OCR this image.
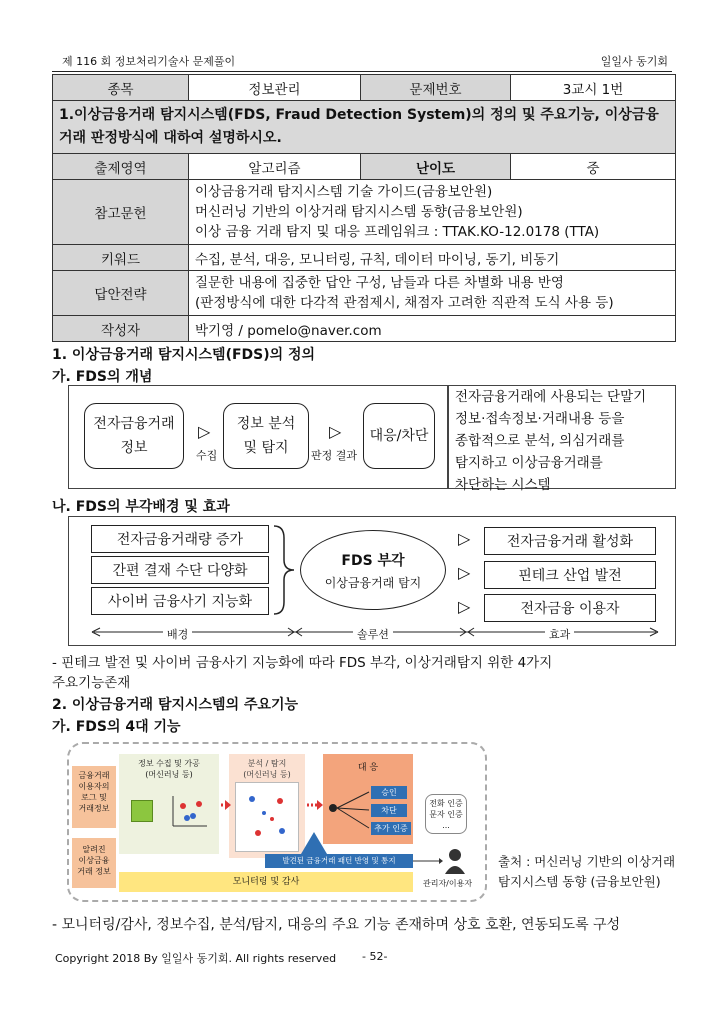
제 116 회 정보처리기술사 문제풀이	일일사 동기회
종목	정보관리	문제번호	3교시 1번
1.이상금융거래 탐지시스템(FDS, Fraud Detection System)의 정의 및 주요기능, 이상금융거래 판정방식에 대하여 설명하시오.			
출제영역	알고리즘	난이도	중
참고문헌	이상금융거래 탐지시스템 기술 가이드(금융보안원)
머신러닝 기반의 이상거래 탐지시스템 동향(금융보안원)
이상 금융 거래 탐지 및 대응 프레임워크 : TTAK.KO-12.0178 (TTA)		

키워드	수집, 분석, 대응, 모니터링, 규칙, 데이터 마이닝, 동기, 비동기		
답안전략	질문한 내용에 집중한 답안 구성, 남들과 다른 차별화 내용 반영
(판정방식에 대한 다각적 관점제시, 채점자 고려한 직관적 도식 사용 등)		

작성자	박기영 / pomelo@naver.com		
1. 이상금융거래 탐지시스템(FDS)의 정의
가. FDS의 개념
전자금융거래
정보
▷
수집
정보 분석
및 탐지
▷
판정 결과
대응/차단
전자금융거래에 사용되는 단말기
정보·접속정보·거래내용 등을
종합적으로 분석, 의심거래를
탐지하고 이상금융거래를
차단하는 시스템
나. FDS의 부각배경 및 효과
전자금융거래량 증가
간편 결재 수단 다양화
사이버 금융사기 지능화
FDS 부각
이상금융거래 탐지
▷
▷
▷
전자금융거래 활성화
핀테크 산업 발전
전자금융 이용자
배경	솔루션	효과
- 핀테크 발전 및 사이버 금융사기 지능화에 따라 FDS 부각, 이상거래탐지 위한 4가지
주요기능존재
2. 이상금융거래 탐지시스템의 주요기능
가. FDS의 4대 기능
금융거래
이용자의
로그 및
거래정보
알려진
이상금융
거래 정보
정보 수집 및 가공
(머신러닝 등)
분석 / 탐지
(머신러닝 등)
대 응
승인
차단
추가 인증
전화 인증
문자 인증
...
발견된 금융거래 패턴 반영 및 통지
모니터링 및 감사	관리자/이용자
출처 : 머신러닝 기반의 이상거래
탐지시스템 동향 (금융보안원)
- 모니터링/감사, 정보수집, 분석/탐지, 대응의 주요 기능 존재하며 상호 호환, 연동되도록 구성
Copyright 2018 By 일일사 동기회. All rights reserved - 52-
